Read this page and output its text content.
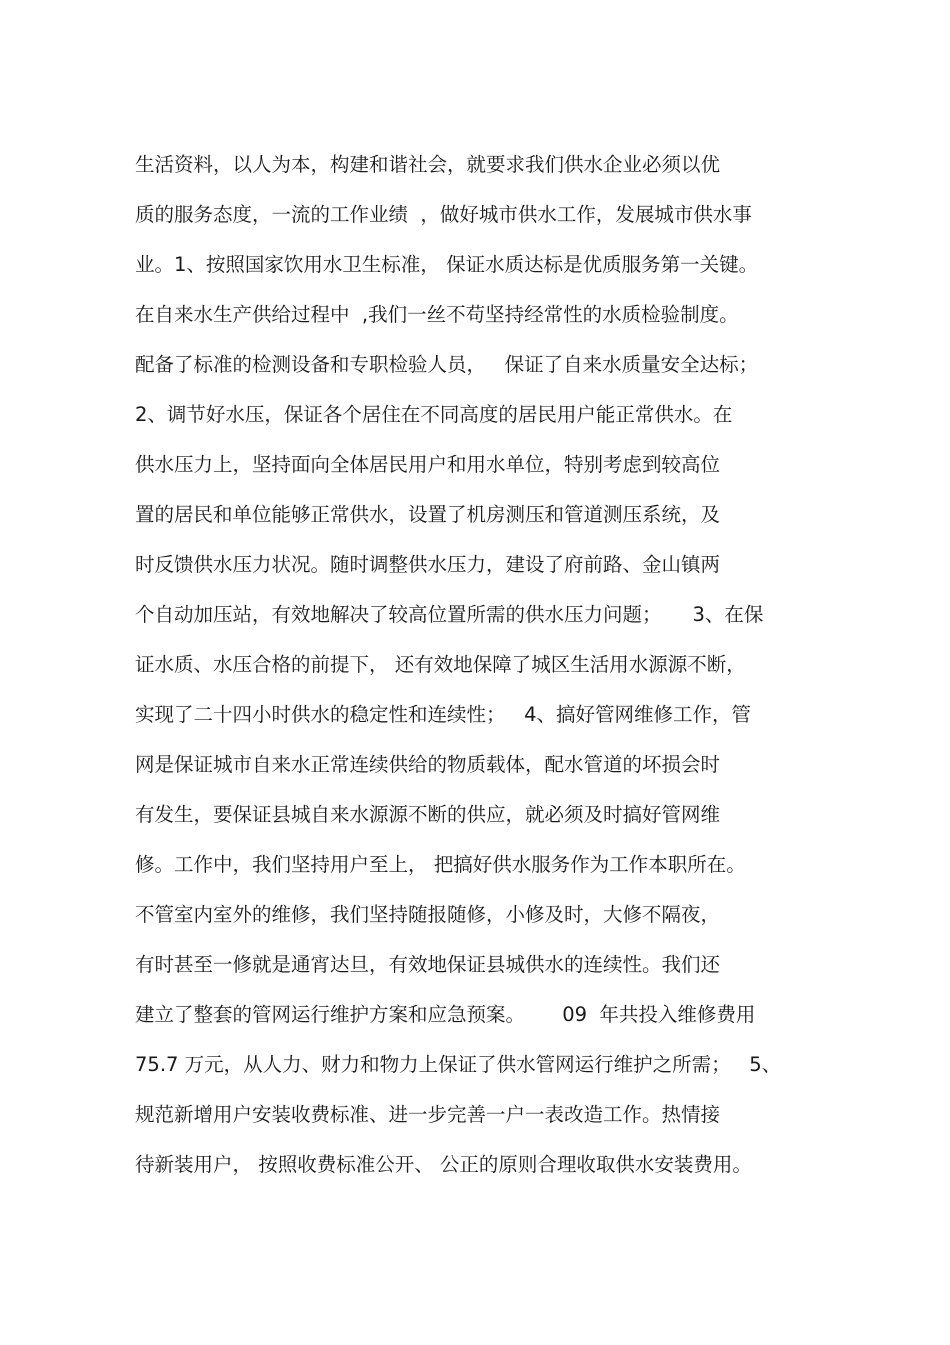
生活资料，以人为本，构建和谐社会，就要求我们供水企业必须以优
质的服务态度，一流的工作业绩  ，做好城市供水工作，发展城市供水事
业。1、按照国家饮用水卫生标准， 保证水质达标是优质服务第一关键。
在自来水生产供给过程中  ,我们一丝不苟坚持经常性的水质检验制度。
配备了标准的检测设备和专职检验人员，   保证了自来水质量安全达标；
2、调节好水压，保证各个居住在不同高度的居民用户能正常供水。在
供水压力上，坚持面向全体居民用户和用水单位，特别考虑到较高位
置的居民和单位能够正常供水，设置了机房测压和管道测压系统，及
时反馈供水压力状况。随时调整供水压力，建设了府前路、金山镇两
个自动加压站，有效地解决了较高位置所需的供水压力问题；     3、在保
证水质、水压合格的前提下， 还有效地保障了城区生活用水源源不断，
实现了二十四小时供水的稳定性和连续性；   4、搞好管网维修工作，管
网是保证城市自来水正常连续供给的物质载体，配水管道的坏损会时
有发生，要保证县城自来水源源不断的供应，就必须及时搞好管网维
修。工作中，我们坚持用户至上， 把搞好供水服务作为工作本职所在。
不管室内室外的维修，我们坚持随报随修，小修及时，大修不隔夜，
有时甚至一修就是通宵达旦，有效地保证县城供水的连续性。我们还
建立了整套的管网运行维护方案和应急预案。      09  年共投入维修费用
75.7 万元，从人力、财力和物力上保证了供水管网运行维护之所需；   5、
规范新增用户安装收费标准、进一步完善一户一表改造工作。热情接
待新装用户， 按照收费标准公开、 公正的原则合理收取供水安装费用。
